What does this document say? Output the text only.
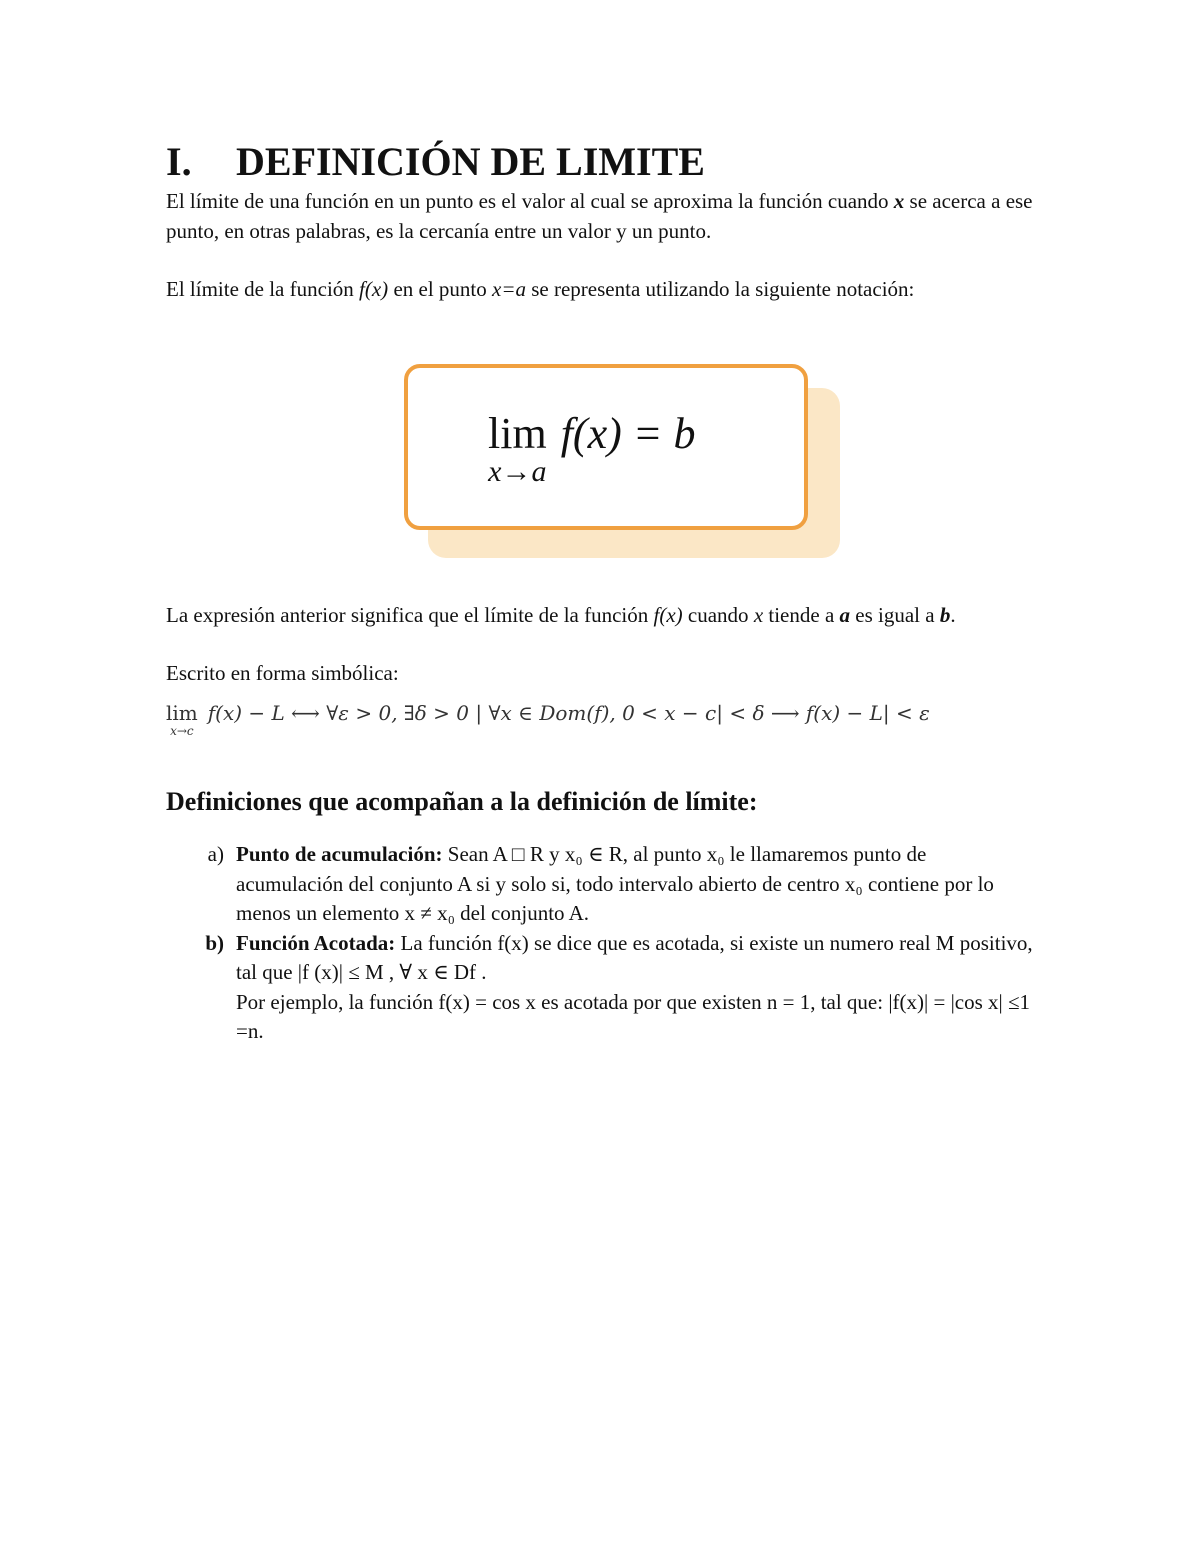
I.	DEFINICIÓN DE LIMITE

El límite de una función en un punto es el valor al cual se aproxima la función cuando x se acerca a ese punto, en otras palabras, es la cercanía entre un valor y un punto.

El límite de la función f(x) en el punto x=a se representa utilizando la siguiente notación:

lim
x→a
f(x) = b

La expresión anterior significa que el límite de la función f(x) cuando x tiende a a es igual a b.

Escrito en forma simbólica:

lim
x→c
f(x) − L ⟷ ∀ε > 0, ∃δ > 0 | ∀x ∈ Dom(f), 0 < x − c| < δ ⟶ f(x) − L| < ε
Definiciones que acompañan a la definición de límite:
a) Punto de acumulación: Sean A □ R y x₀ ∈ R, al punto x₀ le llamaremos punto de acumulación del conjunto A si y solo si, todo intervalo abierto de centro x₀ contiene por lo menos un elemento x ≠ x₀ del conjunto A.
b) Función Acotada: La función f(x) se dice que es acotada, si existe un numero real M positivo, tal que |f (x)| ≤ M , ∀ x ∈ Df .
Por ejemplo, la función f(x) = cos x es acotada por que existen n = 1, tal que: |f(x)| = |cos x| ≤1 =n.
